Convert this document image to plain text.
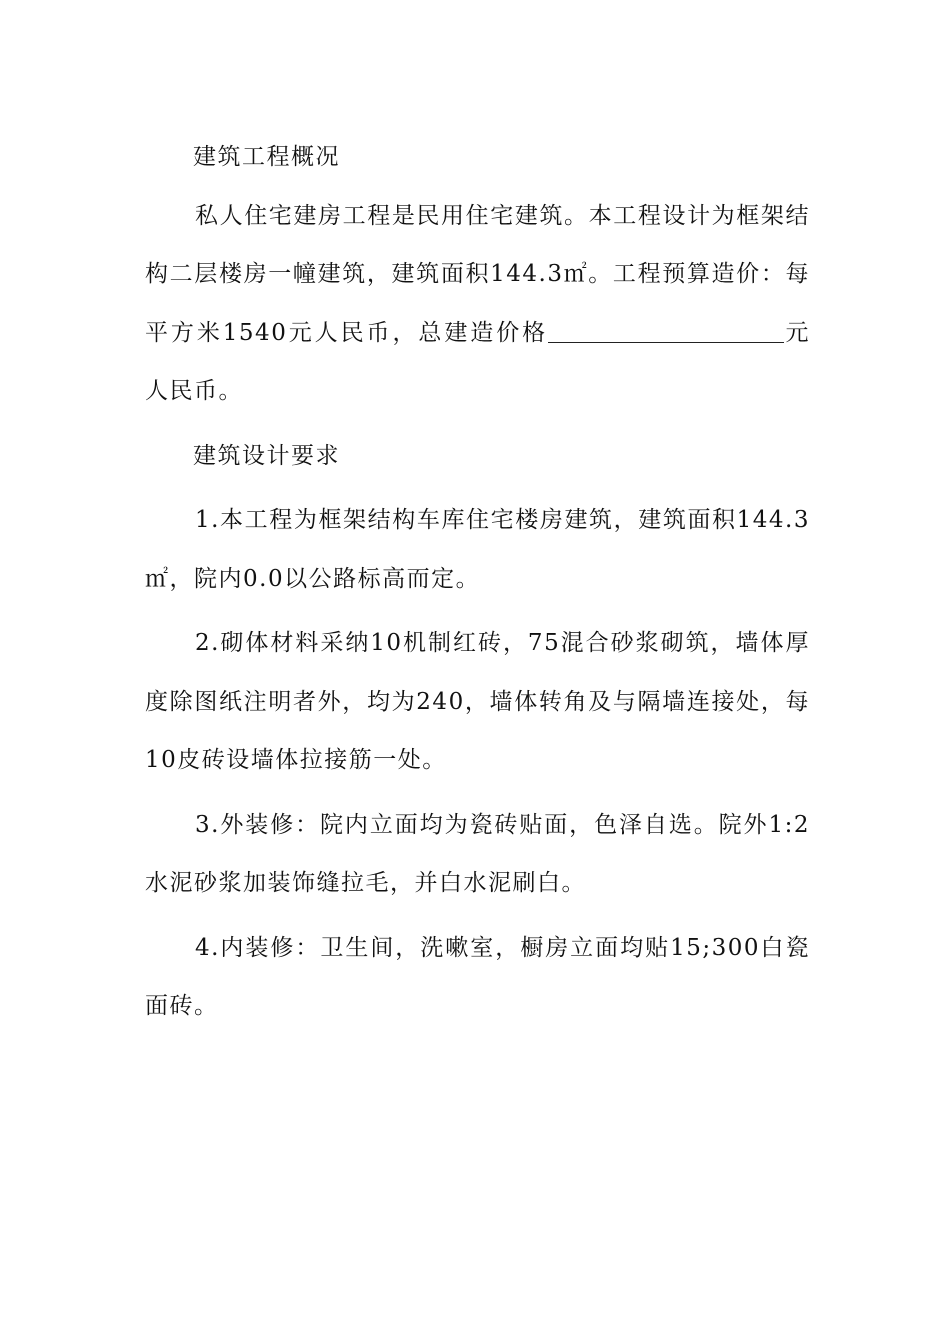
建筑工程概况

私人住宅建房工程是民用住宅建筑。本工程设计为框架结构二层楼房一幢建筑，建筑面积144.3㎡。工程预算造价：每平方米1540元人民币，总建造价格	元人民币。

建筑设计要求

1.本工程为框架结构车库住宅楼房建筑，建筑面积144.3㎡，院内0.0以公路标高而定。

2.砌体材料采纳10机制红砖，75混合砂浆砌筑，墙体厚度除图纸注明者外，均为240，墙体转角及与隔墙连接处，每10皮砖设墙体拉接筋一处。

3.外装修：院内立面均为瓷砖贴面，色泽自选。院外1:2水泥砂浆加装饰缝拉毛，并白水泥刷白。

4.内装修：卫生间，洗嗽室，橱房立面均贴15;300白瓷面砖。
